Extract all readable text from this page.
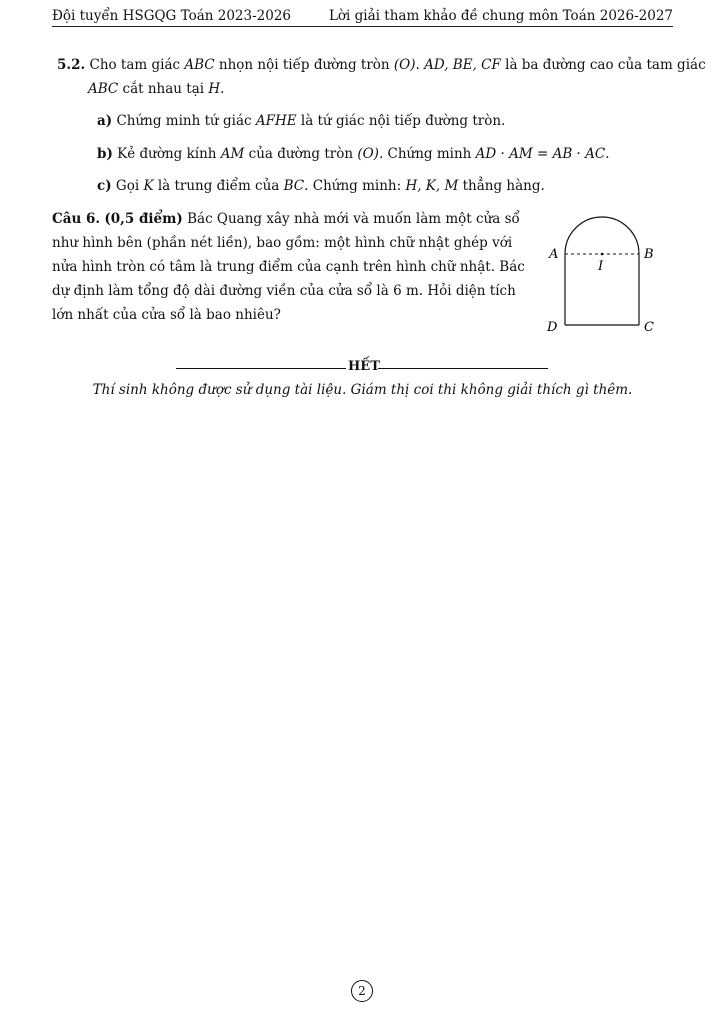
Đội tuyển HSGQG Toán 2023-2026	Lời giải tham khảo đề chung môn Toán 2026-2027
5.2. Cho tam giác ABC nhọn nội tiếp đường tròn (O). AD, BE, CF là ba đường cao của tam giác
ABC cắt nhau tại H.
a) Chứng minh tứ giác AFHE là tứ giác nội tiếp đường tròn.
b) Kẻ đường kính AM của đường tròn (O). Chứng minh AD · AM = AB · AC.
c) Gọi K là trung điểm của BC. Chứng minh: H, K, M thẳng hàng.
Câu 6. (0,5 điểm) Bác Quang xây nhà mới và muốn làm một cửa sổ
như hình bên (phần nét liền), bao gồm: một hình chữ nhật ghép với
nửa hình tròn có tâm là trung điểm của cạnh trên hình chữ nhật. Bác
dự định làm tổng độ dài đường viền của cửa sổ là 6 m. Hỏi diện tích
lớn nhất của cửa sổ là bao nhiêu?
A	B
I
D	C
HẾT
Thí sinh không được sử dụng tài liệu. Giám thị coi thi không giải thích gì thêm.
2
